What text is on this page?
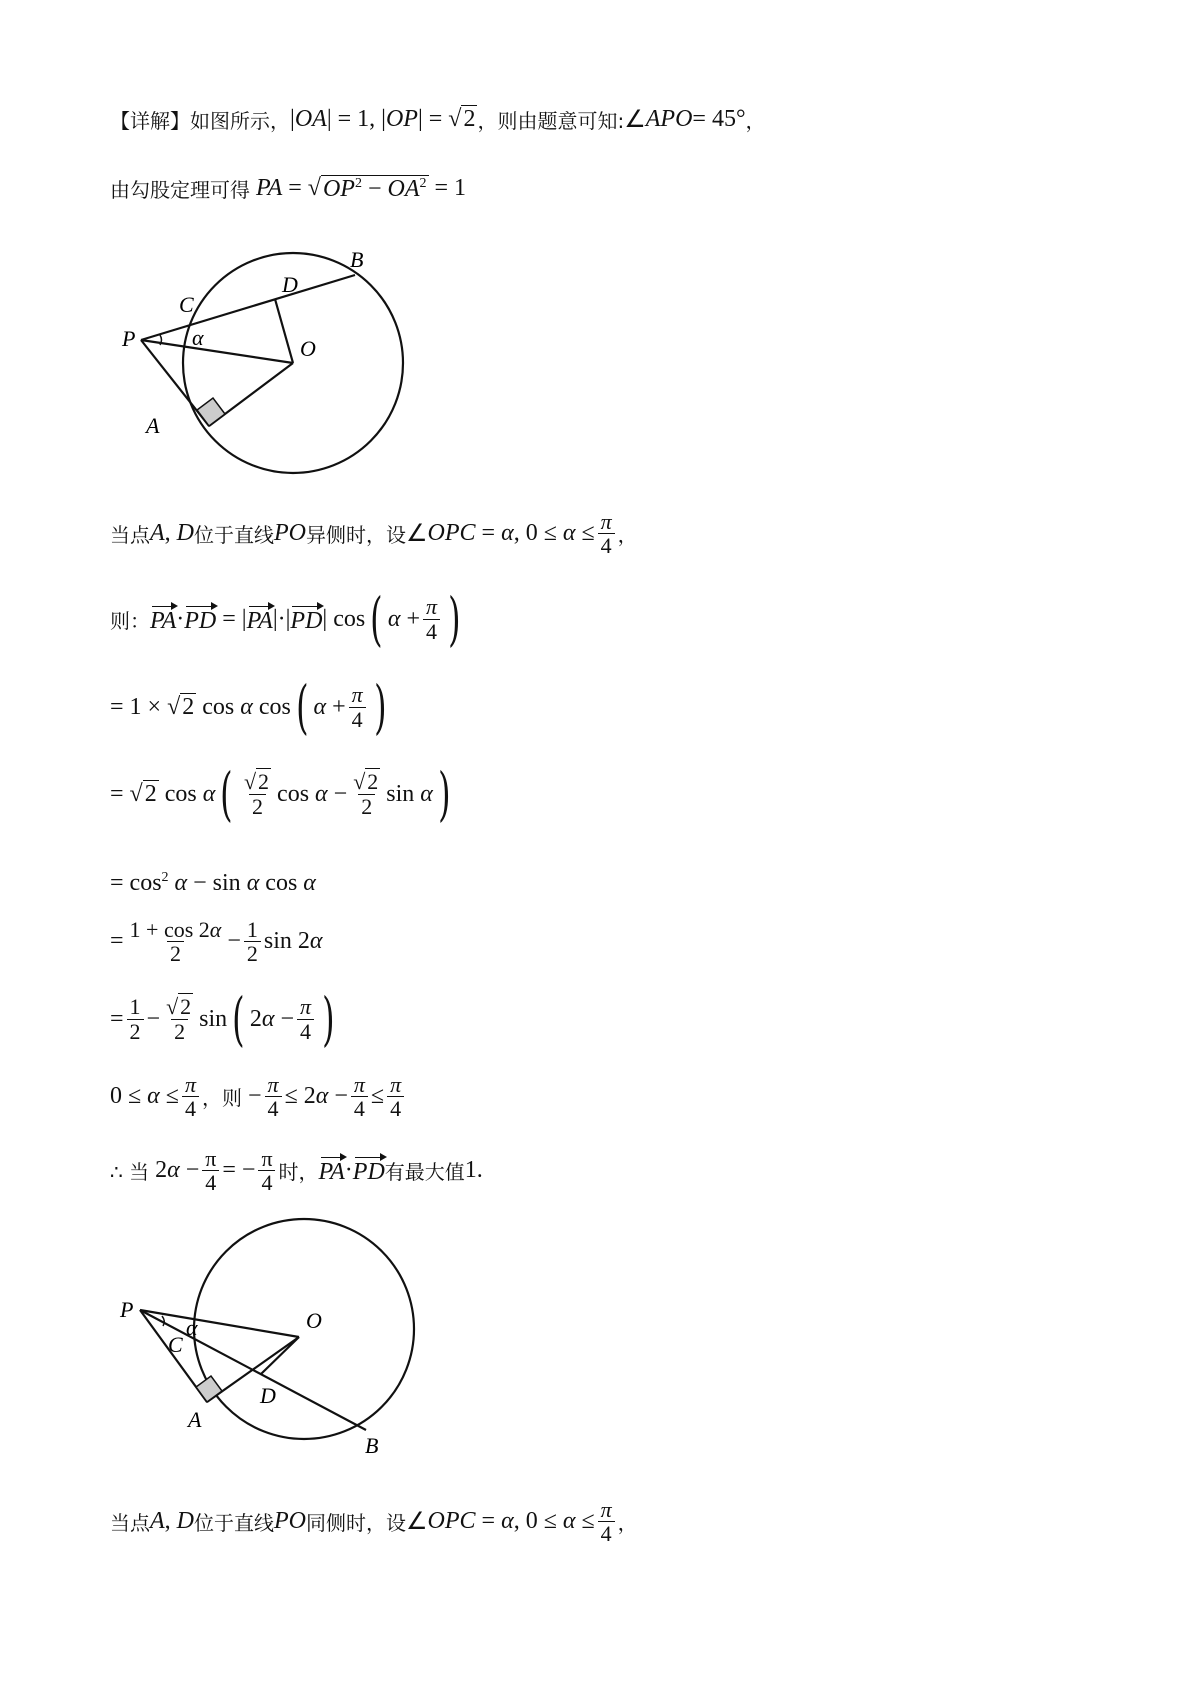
【详解】 如图所示， | OA | = 1, | OP | = √2 ，则由题意可知: ∠ APO = 45° ，
由勾股定理可得 PA = √ $OP^2 - OA^2 = 1$
B
D
C
P	α	O
A
当点 A , D 位于直线 PO 异侧时，设 ∠ OPC = α , $0 \le \alpha \le \frac{\pi}{4}$ ，
则： PA · PD = | PA |·| PD | cos ( $\alpha + \frac{\pi}{4}$ )
= 1 × √2 cos α cos ( $\alpha + \frac{\pi}{4}$ )
= √2 cos α ( $\frac{√2}{2}$ $\cos \alpha - \frac{√2}{2}$ sin α )
= $\cos^2 \alpha - \sin \alpha$ cos α
= $\frac{1 + \cos 2\alpha}{2} - \frac{1}{2}$ sin 2 α
= $\frac{1}{2} - \frac{√2}{2}$ sin ( 2 $\alpha - \frac{\pi}{4}$ )
$0 \le \alpha \le \frac{\pi}{4}$ ，则 − $\frac{\pi}{4} \le 2$ $\alpha - \frac{\pi}{4} \le \frac{\pi}{4}$
∴ 当 2 $\alpha - \frac{\pi}{4}$ = − $\frac{\pi}{4}$ 时， PA · PD 有最大值 1.
P
α	O
C
A
D
B
当点 A , D 位于直线 PO 同侧时，设 ∠ OPC = α , $0 \le \alpha \le \frac{\pi}{4}$ ，
